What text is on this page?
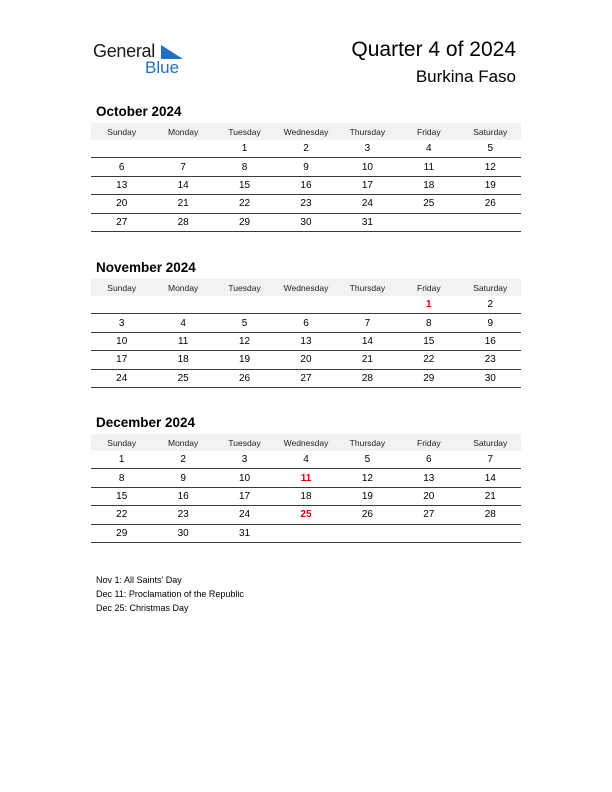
General
Blue
Quarter 4 of 2024
Burkina Faso
October 2024
Sunday	Monday	Tuesday	Wednesday	Thursday	Friday	Saturday
		1	2	3	4	5
6	7	8	9	10	11	12
13	14	15	16	17	18	19
20	21	22	23	24	25	26
27	28	29	30	31		
November 2024
Sunday	Monday	Tuesday	Wednesday	Thursday	Friday	Saturday
					1	2
3	4	5	6	7	8	9
10	11	12	13	14	15	16
17	18	19	20	21	22	23
24	25	26	27	28	29	30
December 2024
Sunday	Monday	Tuesday	Wednesday	Thursday	Friday	Saturday
1	2	3	4	5	6	7
8	9	10	11	12	13	14
15	16	17	18	19	20	21
22	23	24	25	26	27	28
29	30	31				
Nov 1: All Saints’ Day
Dec 11: Proclamation of the Republic
Dec 25: Christmas Day
